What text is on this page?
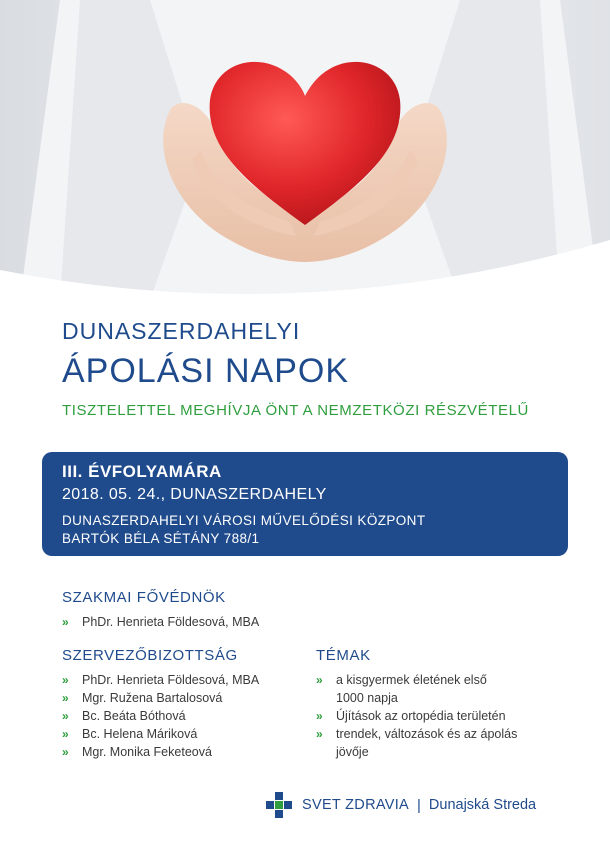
DUNASZERDAHELYI
ÁPOLÁSI NAPOK
TISZTELETTEL MEGHÍVJA ÖNT A NEMZETKÖZI RÉSZVÉTELŰ
III. ÉVFOLYAMÁRA
2018. 05. 24., DUNASZERDAHELY
DUNASZERDAHELYI VÁROSI MŰVELŐDÉSI KÖZPONT
BARTÓK BÉLA SÉTÁNY 788/1
SZAKMAI FŐVÉDNÖK
» PhDr. Henrieta Földesová, MBA
SZERVEZŐBIZOTTSÁG
» PhDr. Henrieta Földesová, MBA
» Mgr. Ružena Bartalosová
» Bc. Beáta Bóthová
» Bc. Helena Máriková
» Mgr. Monika Feketeová
TÉMAK
» a kisgyermek életének első
1000 napja
» Újítások az ortopédia területén
» trendek, változások és az ápolás
jövője
SVET ZDRAVIA | Dunajská Streda
